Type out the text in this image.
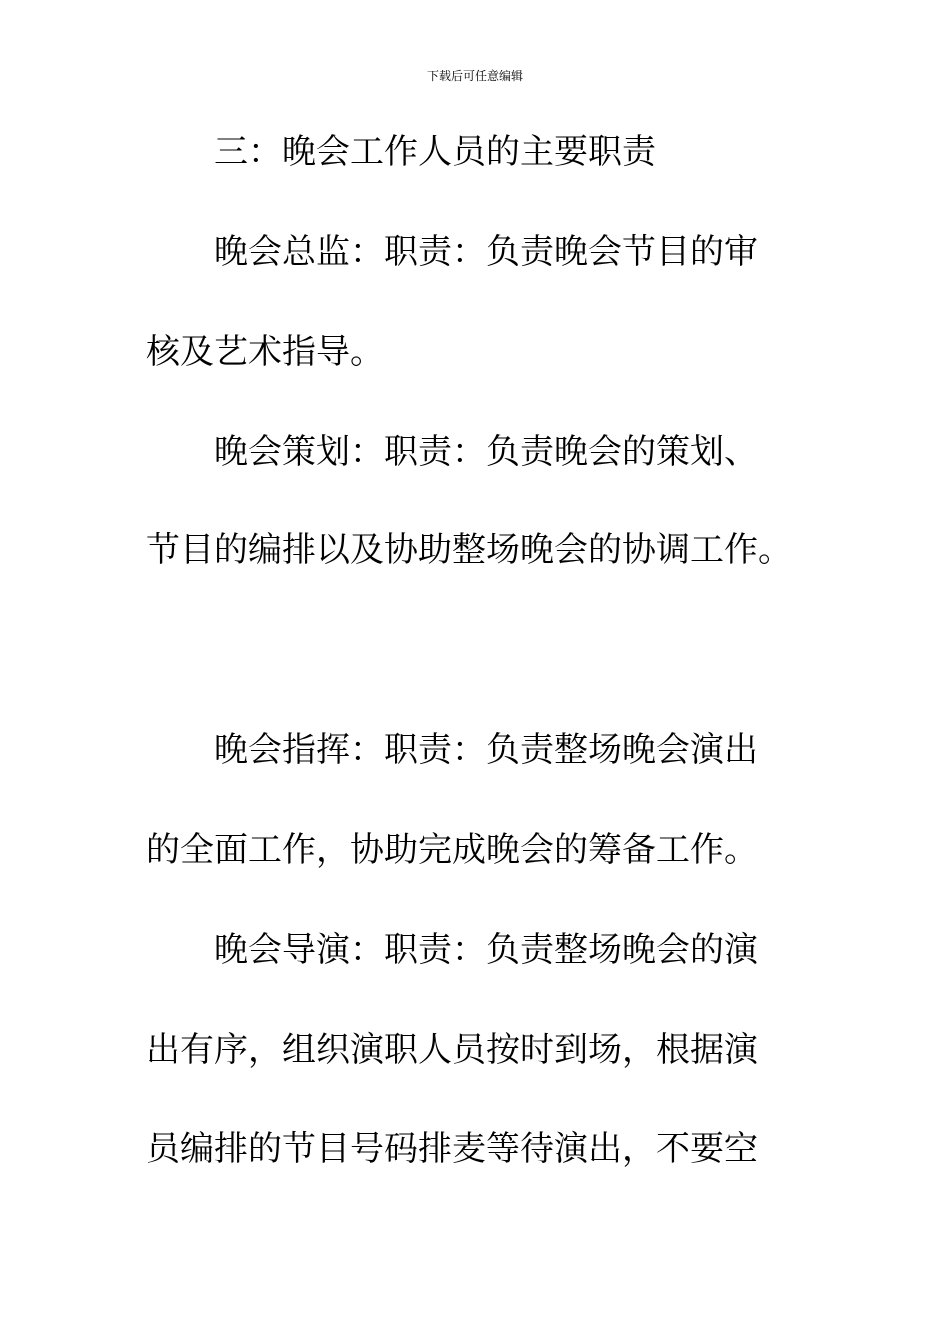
下载后可任意编辑
三：晚会工作人员的主要职责
晚会总监：职责：负责晚会节目的审
核及艺术指导。
晚会策划：职责：负责晚会的策划、
节目的编排以及协助整场晚会的协调工作。
晚会指挥：职责：负责整场晚会演出
的全面工作，协助完成晚会的筹备工作。
晚会导演：职责：负责整场晚会的演
出有序，组织演职人员按时到场，根据演
员编排的节目号码排麦等待演出，不要空
